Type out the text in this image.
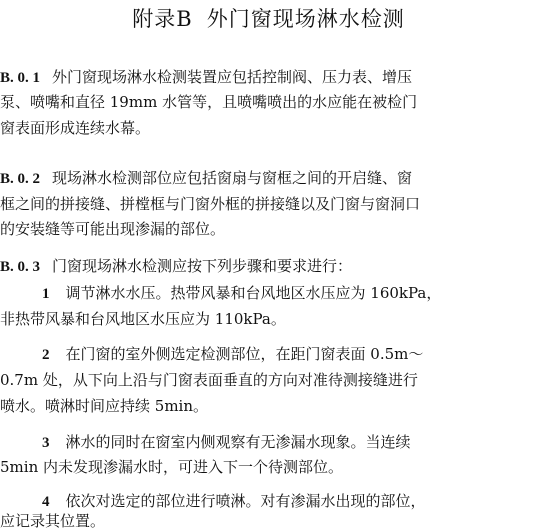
附录B 外门窗现场淋水检测
B. 0. 1 外门窗现场淋水检测装置应包括控制阀、压力表、增压
泵、喷嘴和直径 19mm 水管等，且喷嘴喷出的水应能在被检门
窗表面形成连续水幕。
B. 0. 2 现场淋水检测部位应包括窗扇与窗框之间的开启缝、窗
框之间的拼接缝、拼樘框与门窗外框的拼接缝以及门窗与窗洞口
的安装缝等可能出现渗漏的部位。
B. 0. 3 门窗现场淋水检测应按下列步骤和要求进行：
1 调节淋水水压。热带风暴和台风地区水压应为 160kPa，
非热带风暴和台风地区水压应为 110kPa。
2 在门窗的室外侧选定检测部位，在距门窗表面 0.5m～
0.7m 处，从下向上沿与门窗表面垂直的方向对准待测接缝进行
喷水。喷淋时间应持续 5min。
3 淋水的同时在窗室内侧观察有无渗漏水现象。当连续
5min 内未发现渗漏水时，可进入下一个待测部位。
4 依次对选定的部位进行喷淋。对有渗漏水出现的部位，
应记录其位置。
